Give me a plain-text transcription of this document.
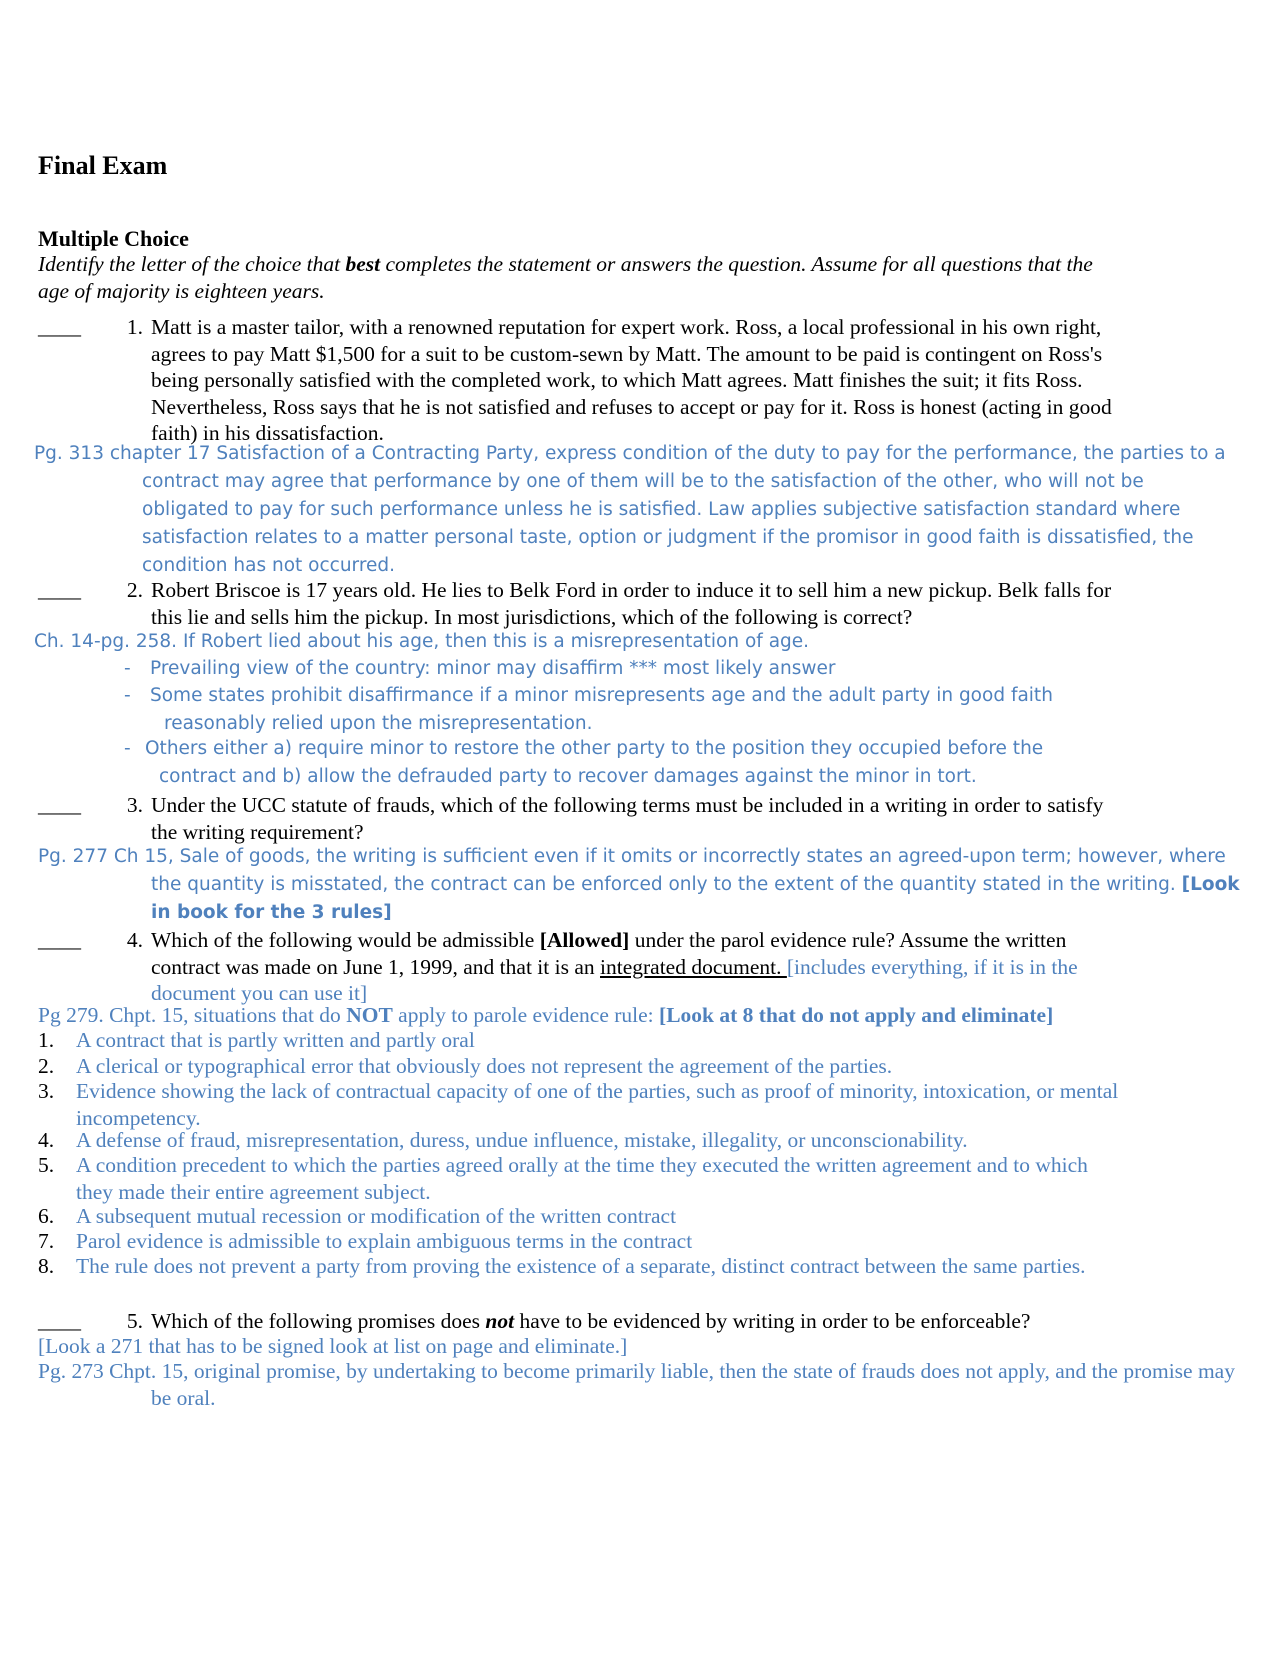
Final Exam
Multiple Choice
Identify the letter of the choice that best completes the statement or answers the question. Assume for all questions that the age of majority is eighteen years.
____	1. Matt is a master tailor, with a renowned reputation for expert work. Ross, a local professional in his own right, agrees to pay Matt $1,500 for a suit to be custom-sewn by Matt. The amount to be paid is contingent on Ross's being personally satisfied with the completed work, to which Matt agrees. Matt finishes the suit; it fits Ross. Nevertheless, Ross says that he is not satisfied and refuses to accept or pay for it. Ross is honest (acting in good faith) in his dissatisfaction.
Pg. 313 chapter 17 Satisfaction of a Contracting Party, express condition of the duty to pay for the performance, the parties to a contract may agree that performance by one of them will be to the satisfaction of the other, who will not be obligated to pay for such performance unless he is satisfied. Law applies subjective satisfaction standard where satisfaction relates to a matter personal taste, option or judgment if the promisor in good faith is dissatisfied, the condition has not occurred.
____	2. Robert Briscoe is 17 years old. He lies to Belk Ford in order to induce it to sell him a new pickup. Belk falls for this lie and sells him the pickup. In most jurisdictions, which of the following is correct?
Ch. 14-pg. 258. If Robert lied about his age, then this is a misrepresentation of age.
- Prevailing view of the country: minor may disaffirm *** most likely answer
- Some states prohibit disaffirmance if a minor misrepresents age and the adult party in good faith reasonably relied upon the misrepresentation.
- Others either a) require minor to restore the other party to the position they occupied before the contract and b) allow the defrauded party to recover damages against the minor in tort.
____	3. Under the UCC statute of frauds, which of the following terms must be included in a writing in order to satisfy the writing requirement?
Pg. 277 Ch 15, Sale of goods, the writing is sufficient even if it omits or incorrectly states an agreed-upon term; however, where the quantity is misstated, the contract can be enforced only to the extent of the quantity stated in the writing. [Look in book for the 3 rules]
____	4. Which of the following would be admissible [Allowed] under the parol evidence rule? Assume the written contract was made on June 1, 1999, and that it is an integrated document. [includes everything, if it is in the document you can use it]
Pg 279. Chpt. 15, situations that do NOT apply to parole evidence rule: [Look at 8 that do not apply and eliminate]
1. A contract that is partly written and partly oral
2. A clerical or typographical error that obviously does not represent the agreement of the parties.
3. Evidence showing the lack of contractual capacity of one of the parties, such as proof of minority, intoxication, or mental incompetency.
4. A defense of fraud, misrepresentation, duress, undue influence, mistake, illegality, or unconscionability.
5. A condition precedent to which the parties agreed orally at the time they executed the written agreement and to which they made their entire agreement subject.
6. A subsequent mutual recession or modification of the written contract
7. Parol evidence is admissible to explain ambiguous terms in the contract
8. The rule does not prevent a party from proving the existence of a separate, distinct contract between the same parties.
____	5. Which of the following promises does not have to be evidenced by writing in order to be enforceable?
[Look a 271 that has to be signed look at list on page and eliminate.]
Pg. 273 Chpt. 15, original promise, by undertaking to become primarily liable, then the state of frauds does not apply, and the promise may be oral.
